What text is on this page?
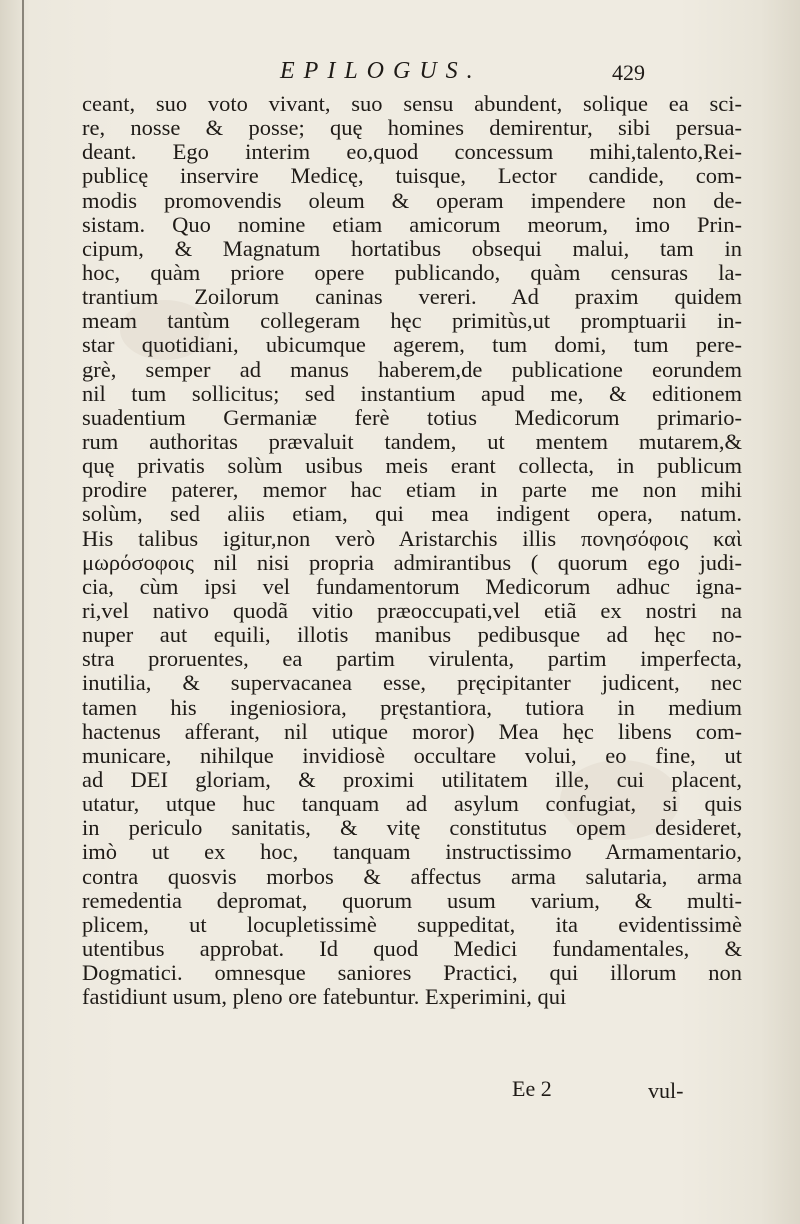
EPILOGUS.	429
ceant, suo voto vivant, suo sensu abundent, solique ea sci-
re, nosse & posse; quę homines demirentur, sibi persua-
deant. Ego interim eo,quod concessum mihi,talento,Rei-
publicę inservire Medicę, tuisque, Lector candide, com-
modis promovendis oleum & operam impendere non de-
sistam. Quo nomine etiam amicorum meorum, imo Prin-
cipum, & Magnatum hortatibus obsequi malui, tam in
hoc, quàm priore opere publicando, quàm censuras la-
trantium Zoilorum caninas vereri. Ad praxim quidem
meam tantùm collegeram hęc primitùs,ut promptuarii in-
star quotidiani, ubicumque agerem, tum domi, tum pere-
grè, semper ad manus haberem,de publicatione eorundem
nil tum sollicitus; sed instantium apud me, & editionem
suadentium Germaniæ ferè totius Medicorum primario-
rum authoritas prævaluit tandem, ut mentem mutarem,&
quę privatis solùm usibus meis erant collecta, in publicum
prodire paterer, memor hac etiam in parte me non mihi
solùm, sed aliis etiam, qui mea indigent opera, natum.
His talibus igitur,non verò Aristarchis illis πονησόφοις καὶ
μωρόσοφοις nil nisi propria admirantibus ( quorum ego judi-
cia, cùm ipsi vel fundamentorum Medicorum adhuc igna-
ri,vel nativo quodã vitio præoccupati,vel etiã ex nostri na
nuper aut equili, illotis manibus pedibusque ad hęc no-
stra proruentes, ea partim virulenta, partim imperfecta,
inutilia, & supervacanea esse, pręcipitanter judicent, nec
tamen his ingeniosiora, pręstantiora, tutiora in medium
hactenus afferant, nil utique moror) Mea hęc libens com-
municare, nihilque invidiosè occultare volui, eo fine, ut
ad DEI gloriam, & proximi utilitatem ille, cui placent,
utatur, utque huc tanquam ad asylum confugiat, si quis
in periculo sanitatis, & vitę constitutus opem desideret,
imò ut ex hoc, tanquam instructissimo Armamentario,
contra quosvis morbos & affectus arma salutaria, arma
remedentia depromat, quorum usum varium, & multi-
plicem, ut locupletissimè suppeditat, ita evidentissimè
utentibus approbat. Id quod Medici fundamentales, &
Dogmatici. omnesque saniores Practici, qui illorum non
fastidiunt usum, pleno ore fatebuntur. Experimini, qui
Ee 2	vul-
